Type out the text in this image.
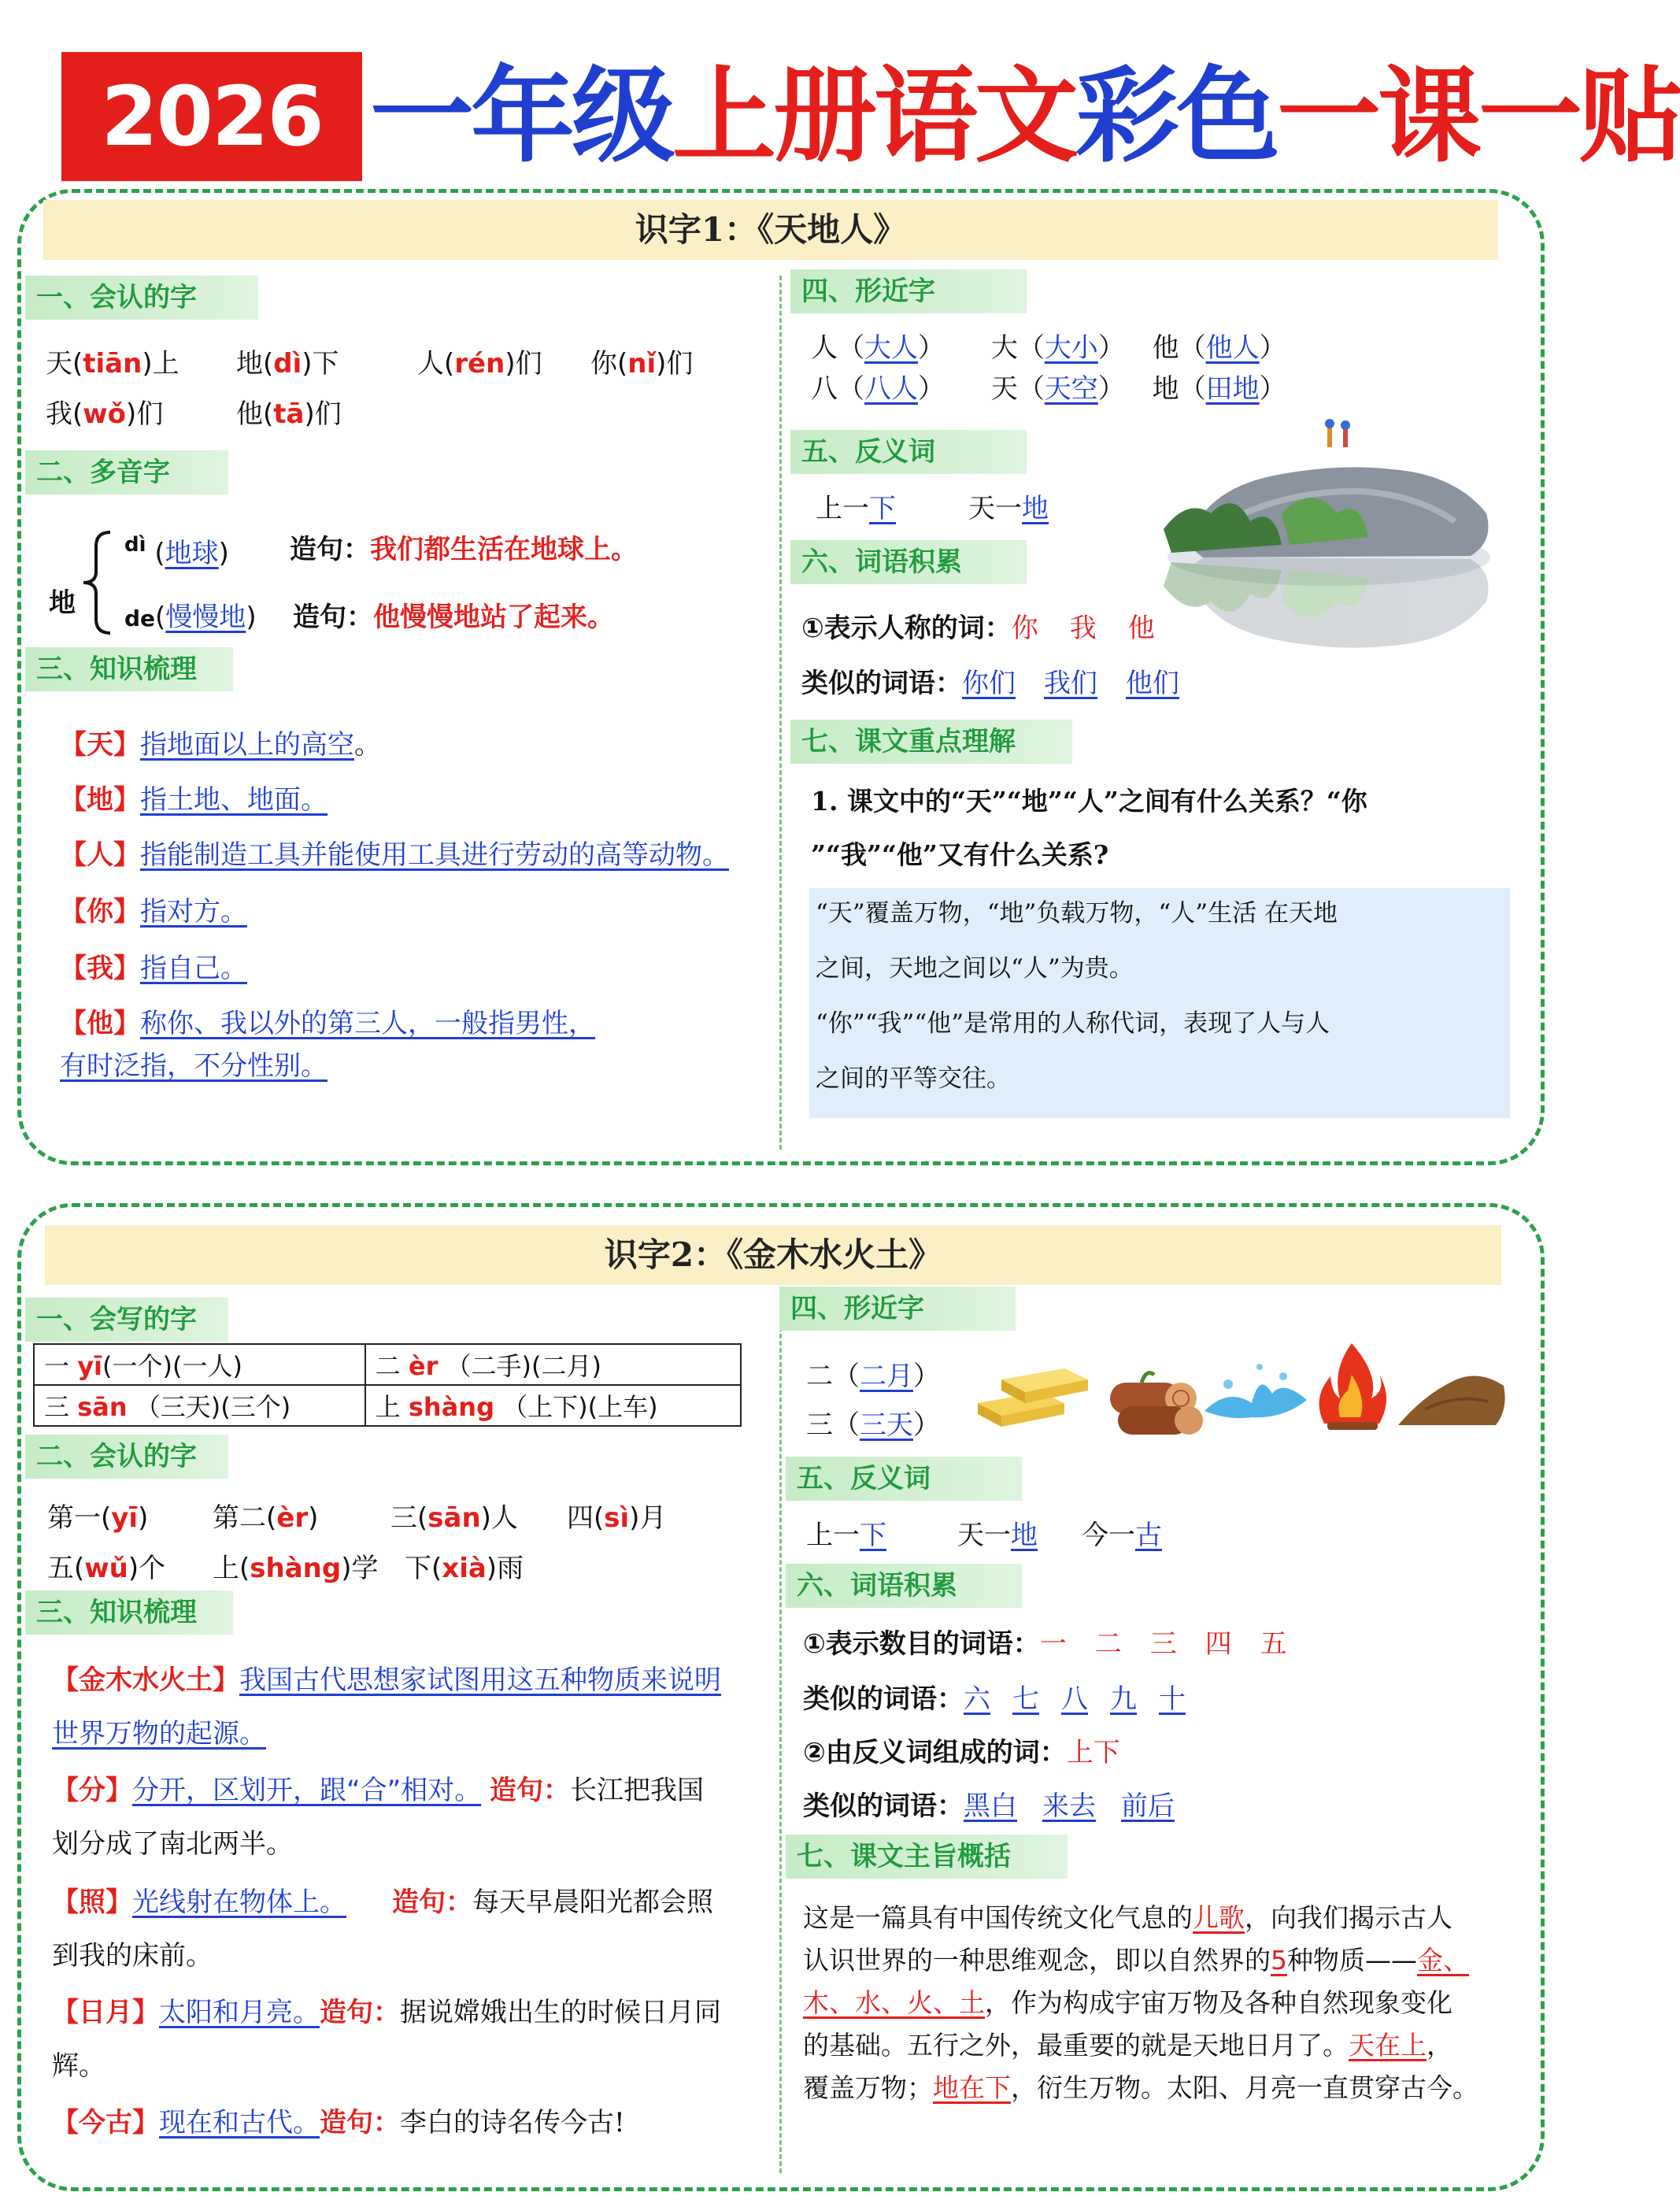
2026 一年级上册语文彩色一课一贴
识字1：《天地人》
一、会认的字
天(tiān)上 地(dì)下	人(rén)们 你(nǐ)们
我(wǒ)们	他(tā)们
二、多音字
地
$^{dì}$ (地球) 造句：我们都生活在地球上。
de(慢慢地) 造句：他慢慢地站了起来。
三、知识梳理
【天】指地面以上的高空。
【地】指土地、地面。
【人】指能制造工具并能使用工具进行劳动的高等动物。
【你】指对方。
【我】指自己。
【他】称你、我以外的第三人，一般指男性，
有时泛指，不分性别。
四、形近字
人（大人） 大（大小） 他（他人）
八（八人） 天（天空） 地（田地）
五、反义词
上一下	天一地
六、词语积累
①表示人称的词：你 我 他
类似的词语：你们 我们 他们
七、课文重点理解
1. 课文中的“天”“地”“人”之间有什么关系？“你
”“我”“他”又有什么关系?
“天”覆盖万物，“地”负载万物，“人”生活 在天地
之间，天地之间以“人”为贵。
“你”“我”“他”是常用的人称代词，表现了人与人
之间的平等交往。
识字2：《金木水火土》
一、会写的字
一 yī(一个)(一人)	二 èr （二手)(二月)
三 sān （三天)(三个)	上 shàng （上下)(上车)
二、会认的字
第一(yī) 第二(èr)	三(sān)人 四(sì)月
五(wǔ)个 上(shàng)学 下(xià)雨
三、知识梳理
【金木水火土】我国古代思想家试图用这五种物质来说明
世界万物的起源。
【分】分开，区划开，跟“合”相对。 造句：长江把我国
划分成了南北两半。
【照】光线射在物体上。 造句：每天早晨阳光都会照
到我的床前。
【日月】太阳和月亮。造句：据说嫦娥出生的时候日月同
辉。
【今古】现在和古代。造句：李白的诗名传今古!
四、形近字
二（二月）
三（三天）
五、反义词
上一下	天一地 今一古
六、词语积累
①表示数目的词语：一 二 三 四 五
类似的词语：六 七 八 九 十
②由反义词组成的词：上下
类似的词语：黑白 来去 前后
七、课文主旨概括
这是一篇具有中国传统文化气息的儿歌，向我们揭示古人
认识世界的一种思维观念，即以自然界的5种物质——金、
木、水、火、土，作为构成宇宙万物及各种自然现象变化
的基础。五行之外，最重要的就是天地日月了。天在上，
覆盖万物；地在下，衍生万物。太阳、月亮一直贯穿古今。
